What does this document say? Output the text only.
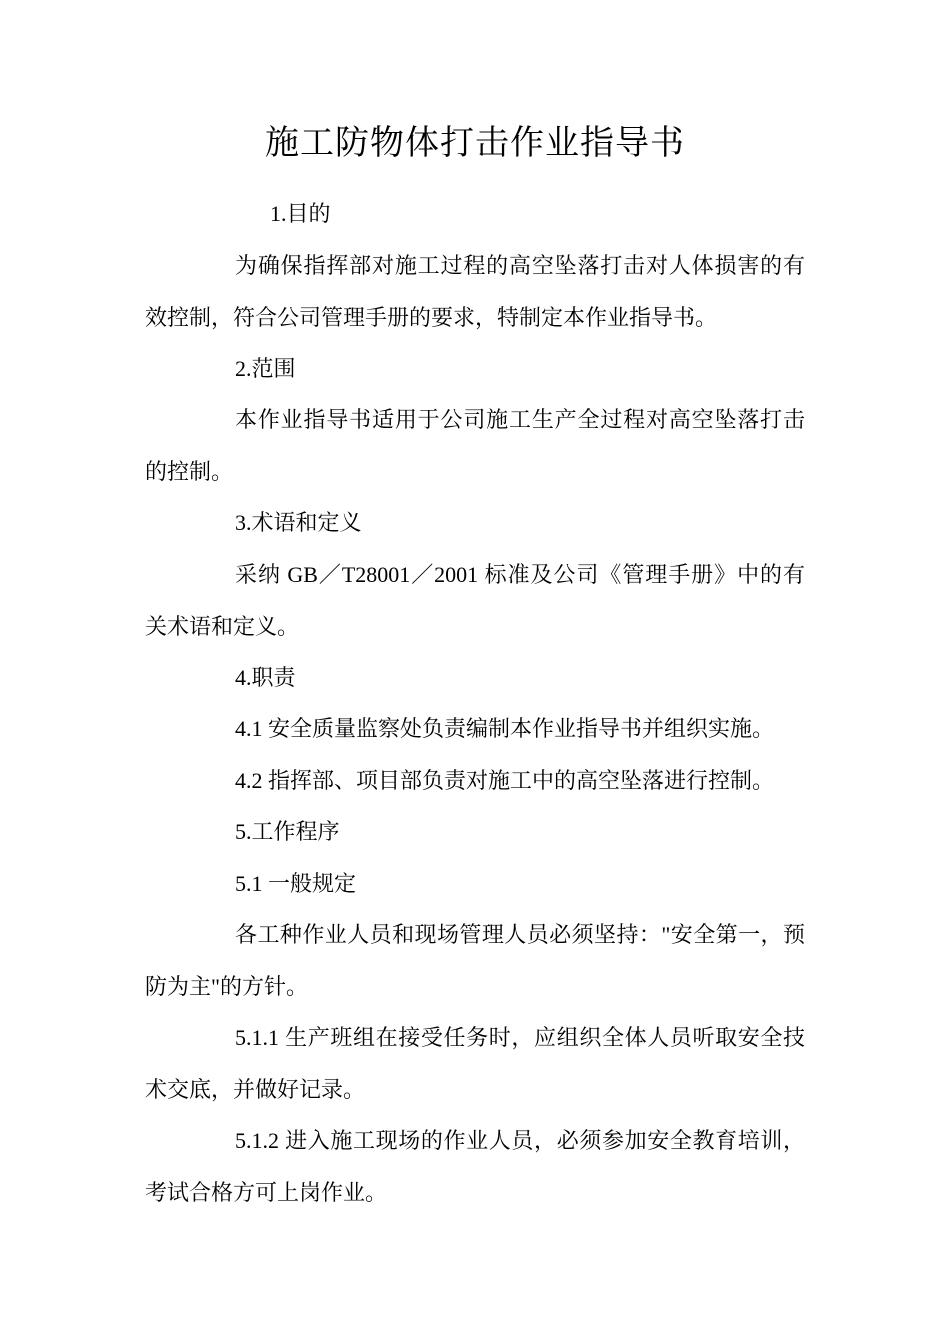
施工防物体打击作业指导书
1.目的
为确保指挥部对施工过程的高空坠落打击对人体损害的有
效控制，符合公司管理手册的要求，特制定本作业指导书。
2.范围
本作业指导书适用于公司施工生产全过程对高空坠落打击
的控制。
3.术语和定义
采纳 GB／T28001／2001 标准及公司《管理手册》中的有
关术语和定义。
4.职责
4.1 安全质量监察处负责编制本作业指导书并组织实施。
4.2 指挥部、项目部负责对施工中的高空坠落进行控制。
5.工作程序
5.1 一般规定
各工种作业人员和现场管理人员必须坚持："安全第一，预
防为主"的方针。
5.1.1 生产班组在接受任务时，应组织全体人员听取安全技
术交底，并做好记录。
5.1.2 进入施工现场的作业人员，必须参加安全教育培训，
考试合格方可上岗作业。
